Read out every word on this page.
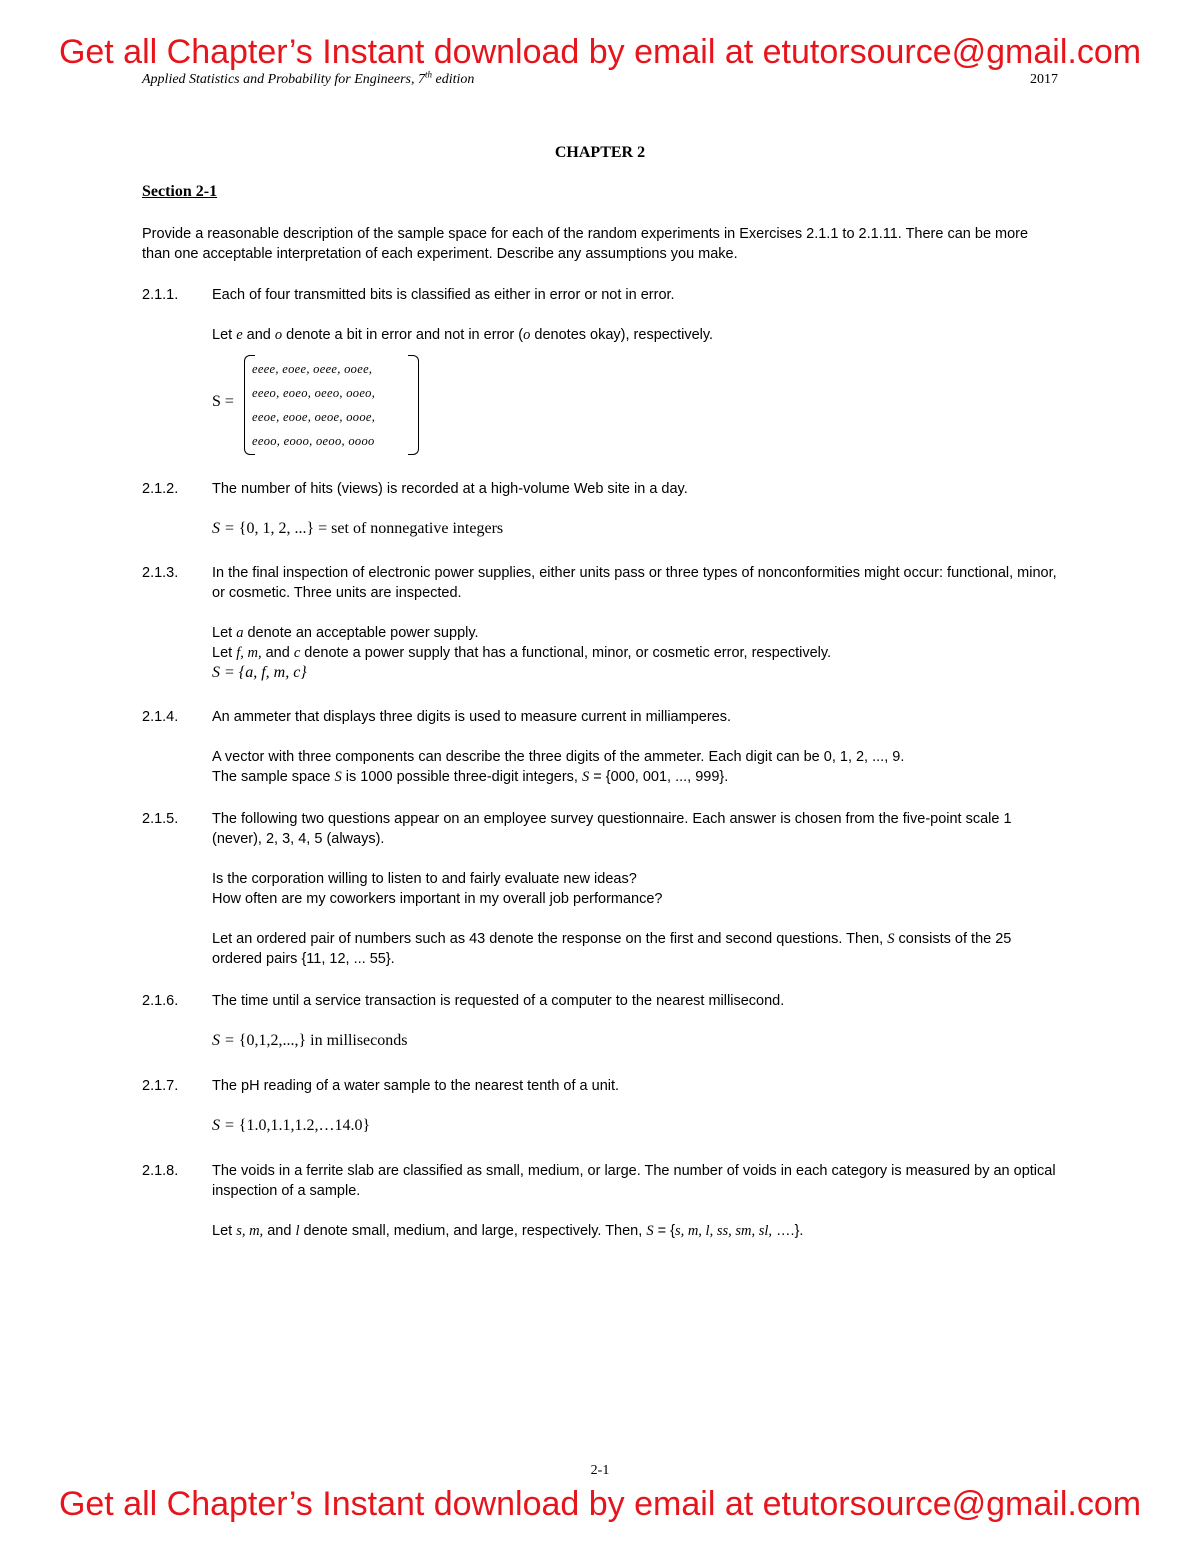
Get all Chapter’s Instant download by email at etutorsource@gmail.com
Applied Statistics and Probability for Engineers, 7th edition	2017
CHAPTER 2
Section 2-1
Provide a reasonable description of the sample space for each of the random experiments in Exercises 2.1.1 to 2.1.11. There can be more than one acceptable interpretation of each experiment. Describe any assumptions you make.
2.1.1. Each of four transmitted bits is classified as either in error or not in error.

Let e and o denote a bit in error and not in error (o denotes okay), respectively.

S =
eeee, eoee, oeee, ooee,
eeeo, eoeo, oeeo, ooeo,
eeoe, eooe, oeoe, oooe,
eeoo, eooo, oeoo, oooo
2.1.2. The number of hits (views) is recorded at a high-volume Web site in a day.

S = {0, 1, 2, ...} = set of nonnegative integers

2.1.3. In the final inspection of electronic power supplies, either units pass or three types of nonconformities might occur: functional, minor, or cosmetic. Three units are inspected.

Let a denote an acceptable power supply.

Let f, m, and c denote a power supply that has a functional, minor, or cosmetic error, respectively.

S = {a, f, m, c}

2.1.4. An ammeter that displays three digits is used to measure current in milliamperes.

A vector with three components can describe the three digits of the ammeter. Each digit can be 0, 1, 2, ..., 9.

The sample space S is 1000 possible three-digit integers, S = {000, 001, ..., 999}.

2.1.5. The following two questions appear on an employee survey questionnaire. Each answer is chosen from the five-point scale 1 (never), 2, 3, 4, 5 (always).

Is the corporation willing to listen to and fairly evaluate new ideas?

How often are my coworkers important in my overall job performance?

Let an ordered pair of numbers such as 43 denote the response on the first and second questions. Then, S consists of the 25 ordered pairs {11, 12, ... 55}.

2.1.6. The time until a service transaction is requested of a computer to the nearest millisecond.

S = {0,1,2,...,} in milliseconds

2.1.7. The pH reading of a water sample to the nearest tenth of a unit.

S = {1.0,1.1,1.2,…14.0}

2.1.8. The voids in a ferrite slab are classified as small, medium, or large. The number of voids in each category is measured by an optical inspection of a sample.

Let s, m, and l denote small, medium, and large, respectively. Then, S = {s, m, l, ss, sm, sl, ….}.

2-1
Get all Chapter’s Instant download by email at etutorsource@gmail.com
